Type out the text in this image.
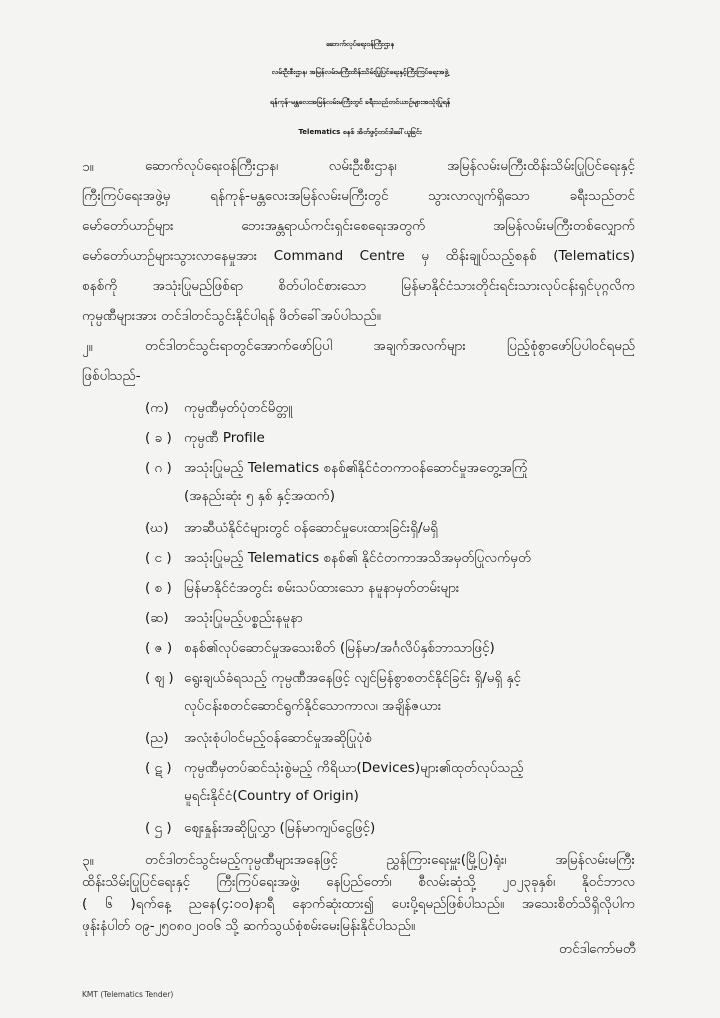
ဆောက်လုပ်ရေးဝန်ကြီးဌာန
လမ်းဦးစီးဌာန၊ အမြန်လမ်းမကြီးထိန်းသိမ်းပြုပြင်ရေးနှင့်ကြီးကြပ်ရေးအဖွဲ့
ရန်ကုန်-မန္တလေးအမြန်လမ်းမကြီးတွင် ခရီးသည်တင်ယာဉ်များအသုံးပြုရန်
Telematics စနစ် အိတ်ဖွင့်တင်ဒါခေါ်ယူခြင်း
၁။	ဆောက်လုပ်ရေးဝန်ကြီးဌာန၊ လမ်းဦးစီးဌာန၊ အမြန်လမ်းမကြီးထိန်းသိမ်းပြုပြင်ရေးနှင့်
ကြီးကြပ်ရေးအဖွဲ့မှ ရန်ကုန်-မန္တလေးအမြန်လမ်းမကြီးတွင် သွားလာလျက်ရှိသော ခရီးသည်တင်
မော်တော်ယာဉ်များ ဘေးအန္တရာယ်ကင်းရှင်းစေရေးအတွက် အမြန်လမ်းမကြီးတစ်လျှောက်
မော်တော်ယာဉ်များသွားလာနေမှုအား Command Centre မှ ထိန်းချုပ်သည့်စနစ် (Telematics)
စနစ်ကို အသုံးပြုမည်ဖြစ်ရာ စိတ်ပါဝင်စားသော မြန်မာနိုင်ငံသားတိုင်းရင်းသားလုပ်ငန်းရှင်ပုဂ္ဂလိက
ကုမ္ပဏီများအား တင်ဒါတင်သွင်းနိုင်ပါရန် ဖိတ်ခေါ်အပ်ပါသည်။
၂။	တင်ဒါတင်သွင်းရာတွင်အောက်ဖော်ပြပါ အချက်အလက်များ ပြည့်စုံစွာဖော်ပြပါဝင်ရမည်
ဖြစ်ပါသည်-
(က) ကုမ္ပဏီမှတ်ပုံတင်မိတ္တူ
( ခ ) ကုမ္ပဏီ Profile
( ဂ ) အသုံးပြုမည့် Telematics စနစ်၏နိုင်ငံတကာဝန်ဆောင်မှုအတွေ့အကြုံ
(အနည်းဆုံး ၅ နှစ် နှင့်အထက်)
(ဃ) အာဆီယံနိုင်ငံများတွင် ဝန်ဆောင်မှုပေးထားခြင်းရှိ/မရှိ
( င ) အသုံးပြုမည့် Telematics စနစ်၏ နိုင်ငံတကာအသိအမှတ်ပြုလက်မှတ်
( စ ) မြန်မာနိုင်ငံအတွင်း စမ်းသပ်ထားသော နမူနာမှတ်တမ်းများ
(ဆ) အသုံးပြုမည့်ပစ္စည်းနမူနာ
( ဇ ) စနစ်၏လုပ်ဆောင်မှုအသေးစိတ် (မြန်မာ/အင်္ဂလိပ်နှစ်ဘာသာဖြင့်)
( ဈ ) ရွေးချယ်ခံရသည့် ကုမ္ပဏီအနေဖြင့် လျင်မြန်စွာစတင်နိုင်ခြင်း ရှိ/မရှိ နှင့်
လုပ်ငန်းစတင်ဆောင်ရွက်နိုင်သောကာလ၊ အချိန်ဇယား
(ည) အလုံးစုံပါဝင်မည့်ဝန်ဆောင်မှုအဆိုပြုပုံစံ
( ဋ ) ကုမ္ပဏီမှတပ်ဆင်သုံးစွဲမည့် ကိရိယာ(Devices)များ၏ထုတ်လုပ်သည့်
မူရင်းနိုင်ငံ(Country of Origin)
( ဌ ) ဈေးနှုန်းအဆိုပြုလွှာ (မြန်မာကျပ်ငွေဖြင့်)
၃။	တင်ဒါတင်သွင်းမည့်ကုမ္ပဏီများအနေဖြင့် ညွှန်ကြားရေးမှူး(မြို့ပြ)ရုံး၊ အမြန်လမ်းမကြီး
ထိန်းသိမ်းပြုပြင်ရေးနှင့် ကြီးကြပ်ရေးအဖွဲ့၊ နေပြည်တော်၊ စီလမ်းဆုံသို့ ၂၀၂၃ခုနှစ်၊ နိုဝင်ဘာလ
( ၆ )ရက်နေ့ ညနေ(၄:၀၀)နာရီ နောက်ဆုံးထား၍ ပေးပို့ရမည်ဖြစ်ပါသည်။ အသေးစိတ်သိရှိလိုပါက
ဖုန်းနံပါတ် ၀၉-၂၅၀၈၀၂၀၀၆ သို့ ဆက်သွယ်စုံစမ်းမေးမြန်းနိုင်ပါသည်။
တင်ဒါကော်မတီ
KMT (Telematics Tender)
